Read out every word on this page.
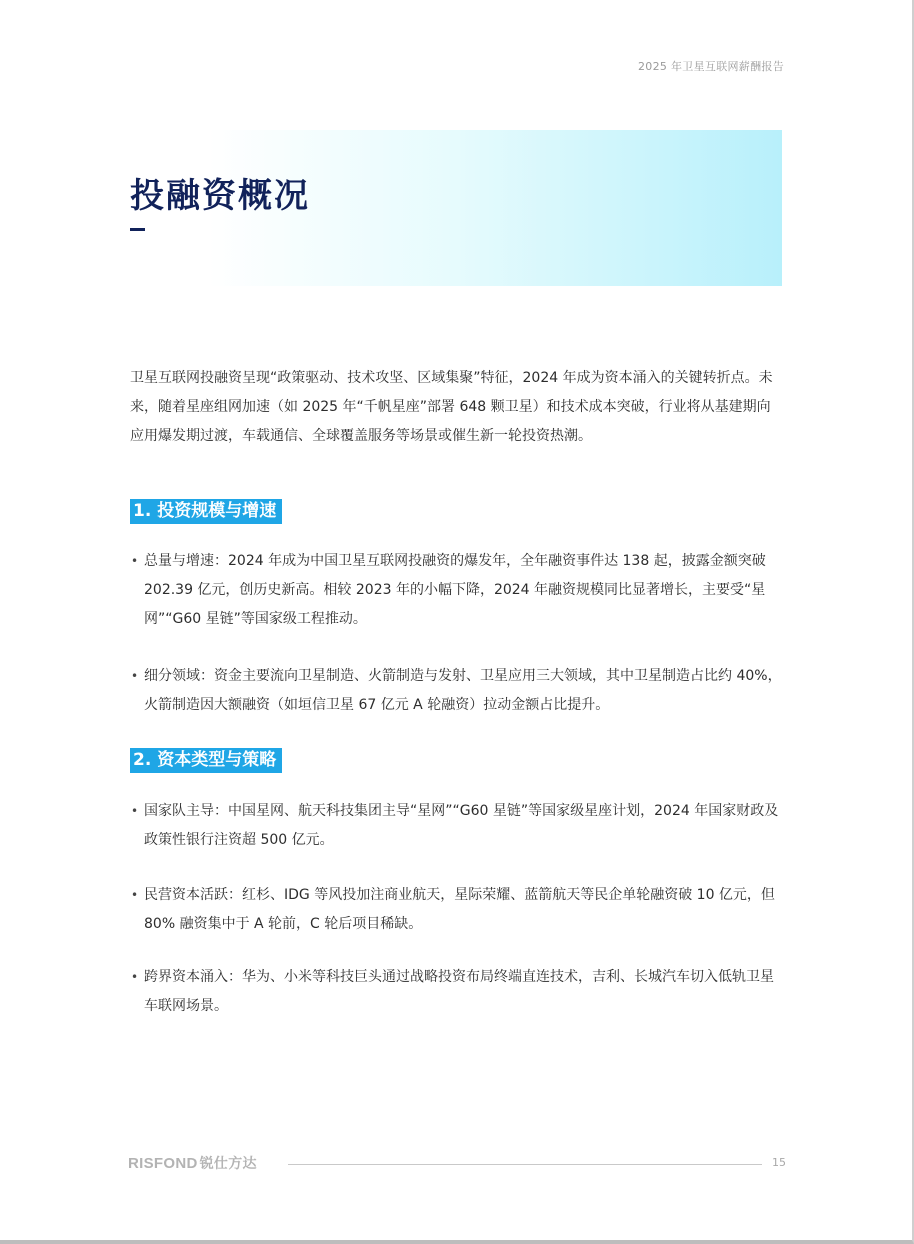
2025 年卫星互联网薪酬报告
投融资概况

卫星互联网投融资呈现“政策驱动、技术攻坚、区域集聚”特征，2024 年成为资本涌入的关键转折点。未来，随着星座组网加速（如 2025 年“千帆星座”部署 648 颗卫星）和技术成本突破，行业将从基建期向应用爆发期过渡，车载通信、全球覆盖服务等场景或催生新一轮投资热潮。

1. 投资规模与增速
• 总量与增速：2024 年成为中国卫星互联网投融资的爆发年，全年融资事件达 138 起，披露金额突破 202.39 亿元，创历史新高。相较 2023 年的小幅下降，2024 年融资规模同比显著增长，主要受“星网”“G60 星链”等国家级工程推动。
• 细分领域：资金主要流向卫星制造、火箭制造与发射、卫星应用三大领域，其中卫星制造占比约 40%，火箭制造因大额融资（如垣信卫星 67 亿元 A 轮融资）拉动金额占比提升。
2. 资本类型与策略
• 国家队主导：中国星网、航天科技集团主导“星网”“G60 星链”等国家级星座计划，2024 年国家财政及政策性银行注资超 500 亿元。
• 民营资本活跃：红杉、IDG 等风投加注商业航天，星际荣耀、蓝箭航天等民企单轮融资破 10 亿元，但 80% 融资集中于 A 轮前，C 轮后项目稀缺。
• 跨界资本涌入：华为、小米等科技巨头通过战略投资布局终端直连技术，吉利、长城汽车切入低轨卫星车联网场景。
RISFOND 锐仕方达	15
